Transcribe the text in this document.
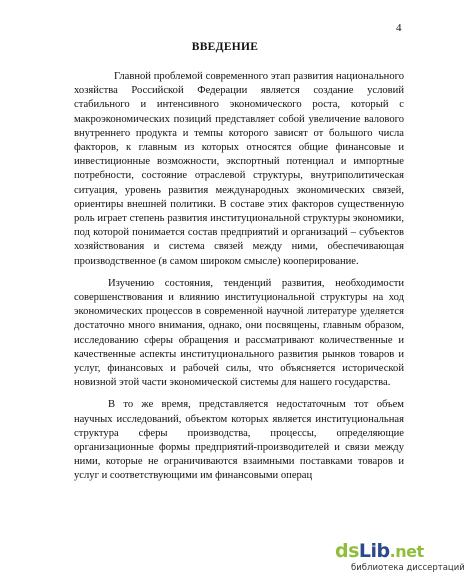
4
ВВЕДЕНИЕ

Главной проблемой современного этап развития национального хозяйства Российской Федерации является создание условий стабильного и интенсивного экономического роста, который с макроэкономических позиций представляет собой увеличение валового внутреннего продукта и темпы которого зависят от большого числа факторов, к главным из которых относятся общие финансовые и инвестиционные возможности, экспортный потенциал и импортные потребности, состояние отраслевой структуры, внутриполитическая ситуация, уровень развития международных экономических связей, ориентиры внешней политики. В составе этих факторов существенную роль играет степень развития институциональной структуры экономики, под которой понимается состав предприятий и организаций – субъектов хозяйствования и система связей между ними, обеспечивающая производственное (в самом широком смысле) кооперирование.

Изучению состояния, тенденций развития, необходимости совершенствования и влиянию институциональной структуры на ход экономических процессов в современной научной литературе уделяется достаточно много внимания, однако, они посвящены, главным образом, исследованию сферы обращения и рассматривают количественные и качественные аспекты институционального развития рынков товаров и услуг, финансовых и рабочей силы, что объясняется исторической новизной этой части экономической системы для нашего государства.

В то же время, представляется недостаточным тот объем научных исследований, объектом которых является институциональная структура сферы производства, процессы, определяющие организационные формы предприятий-производителей и связи между ними, которые не ограничиваются взаимными поставками товаров и услуг и соответствующими им финансовыми операц

dsLib.net
библиотека диссертаций
